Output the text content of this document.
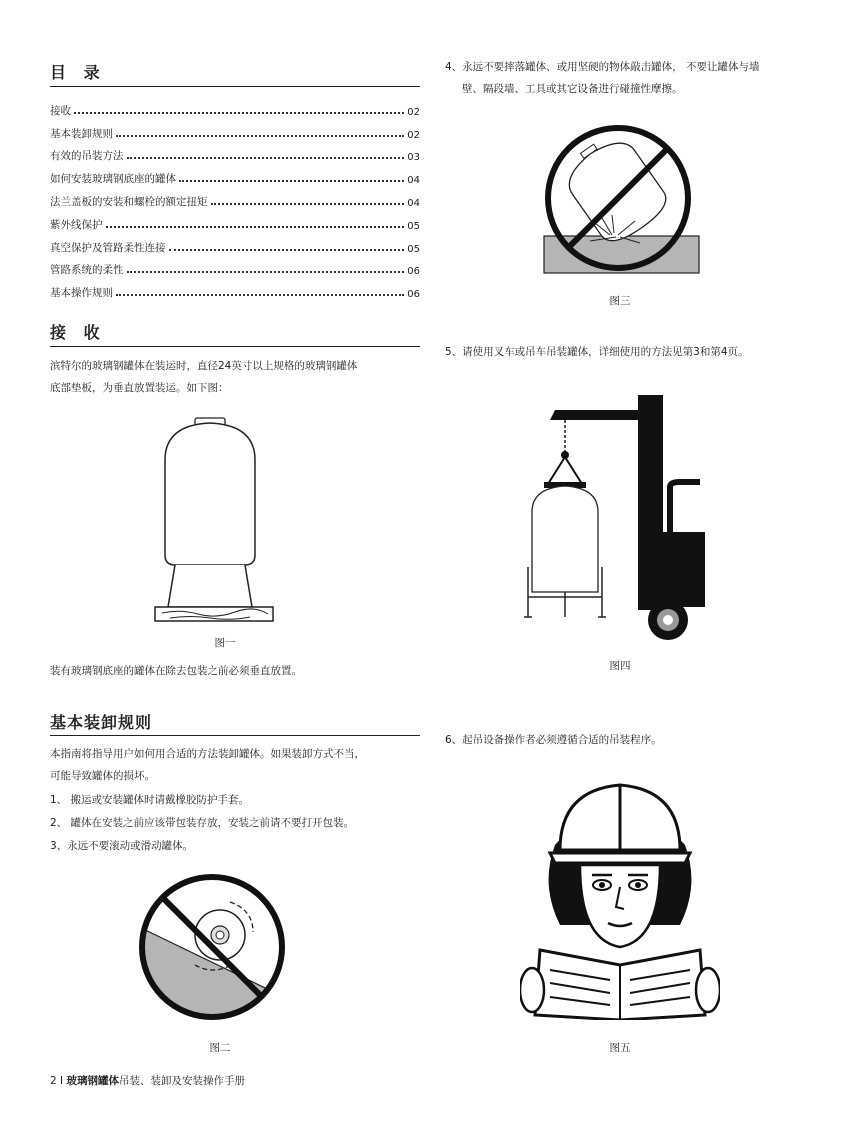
目 录
接收	02
基本装卸规则	02
有效的吊装方法	03
如何安装玻璃钢底座的罐体	04
法兰盖板的安装和螺栓的额定扭矩	04
紫外线保护	05
真空保护及管路柔性连接	05
管路系统的柔性	06
基本操作规则	06
接 收
滨特尔的玻璃钢罐体在装运时，直径24英寸以上规格的玻璃钢罐体
底部垫板，为垂直放置装运。如下图：
图一
装有玻璃钢底座的罐体在除去包装之前必须垂直放置。
基本装卸规则
本指南将指导用户如何用合适的方法装卸罐体。如果装卸方式不当，
可能导致罐体的损坏。
1、 搬运或安装罐体时请戴橡胶防护手套。
2、 罐体在安装之前应该带包装存放，安装之前请不要打开包装。
3、永远不要滚动或滑动罐体。
图二
4、永远不要摔落罐体、或用坚硬的物体敲击罐体， 不要让罐体与墙
壁、隔段墙、工具或其它设备进行碰撞性摩擦。
图三
5、请使用叉车或吊车吊装罐体，详细使用的方法见第3和第4页。
图四
6、起吊设备操作者必须遵循合适的吊装程序。
图五
2 I 玻璃钢罐体吊装、装卸及安装操作手册
